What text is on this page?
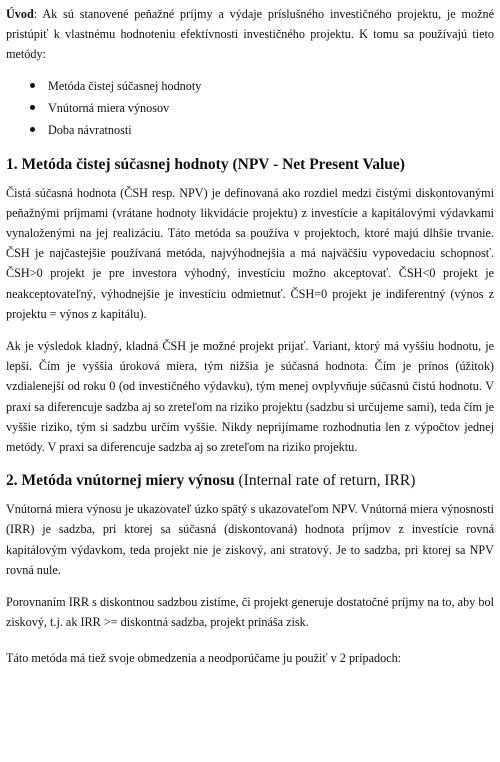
Úvod: Ak sú stanovené peňažné príjmy a výdaje príslušného investičného projektu, je možné pristúpiť k vlastnému hodnoteniu efektívnosti investičného projektu. K tomu sa používajú tieto metódy:

Metóda čistej súčasnej hodnoty
Vnútorná miera výnosov
Doba návratnosti
1. Metóda čistej súčasnej hodnoty (NPV - Net Present Value)

Čistá súčasná hodnota (ČSH resp. NPV) je definovaná ako rozdiel medzi čistými diskontovanými peňažnými príjmami (vrátane hodnoty likvidácie projektu) z investície a kapitálovými výdavkami vynaloženými na jej realizáciu. Táto metóda sa používa v projektoch, ktoré majú dlhšie trvanie. ČSH je najčastejšie používaná metóda, najvýhodnejšia a má najväčšiu vypovedaciu schopnosť. ČSH>0 projekt je pre investora výhodný, investíciu možno akceptovať. ČSH<0 projekt je neakceptovateľný, výhodnejšie je investíciu odmietnuť. ČSH=0 projekt je indiferentný (výnos z projektu = výnos z kapitálu).

Ak je výsledok kladný, kladná ČSH je možné projekt prijať. Variant, ktorý má vyššiu hodnotu, je lepší. Čím je vyššia úroková miera, tým nižšia je súčasná hodnota. Čím je prínos (úžitok) vzdialenejší od roku 0 (od investičného výdavku), tým menej ovplyvňuje súčasnú čistú hodnotu. V praxi sa diferencuje sadzba aj so zreteľom na riziko projektu (sadzbu si určujeme sami), teda čím je vyššie riziko, tým si sadzbu určím vyššie. Nikdy neprijímame rozhodnutia len z výpočtov jednej metódy. V praxi sa diferencuje sadzba aj so zreteľom na riziko projektu.

2. Metóda vnútornej miery výnosu (Internal rate of return, IRR)

Vnútorná miera výnosu je ukazovateľ úzko spätý s ukazovateľom NPV. Vnútorná miera výnosnosti (IRR) je sadzba, pri ktorej sa súčasná (diskontovaná) hodnota príjmov z investície rovná kapitálovým výdavkom, teda projekt nie je ziskový, ani stratový. Je to sadzba, pri ktorej sa NPV rovná nule.

Porovnaním IRR s diskontnou sadzbou zistíme, či projekt generuje dostatočné príjmy na to, aby bol ziskový, t.j. ak IRR >= diskontná sadzba, projekt prináša zisk.

Táto metóda má tiež svoje obmedzenia a neodporúčame ju použiť v 2 prípadoch:
